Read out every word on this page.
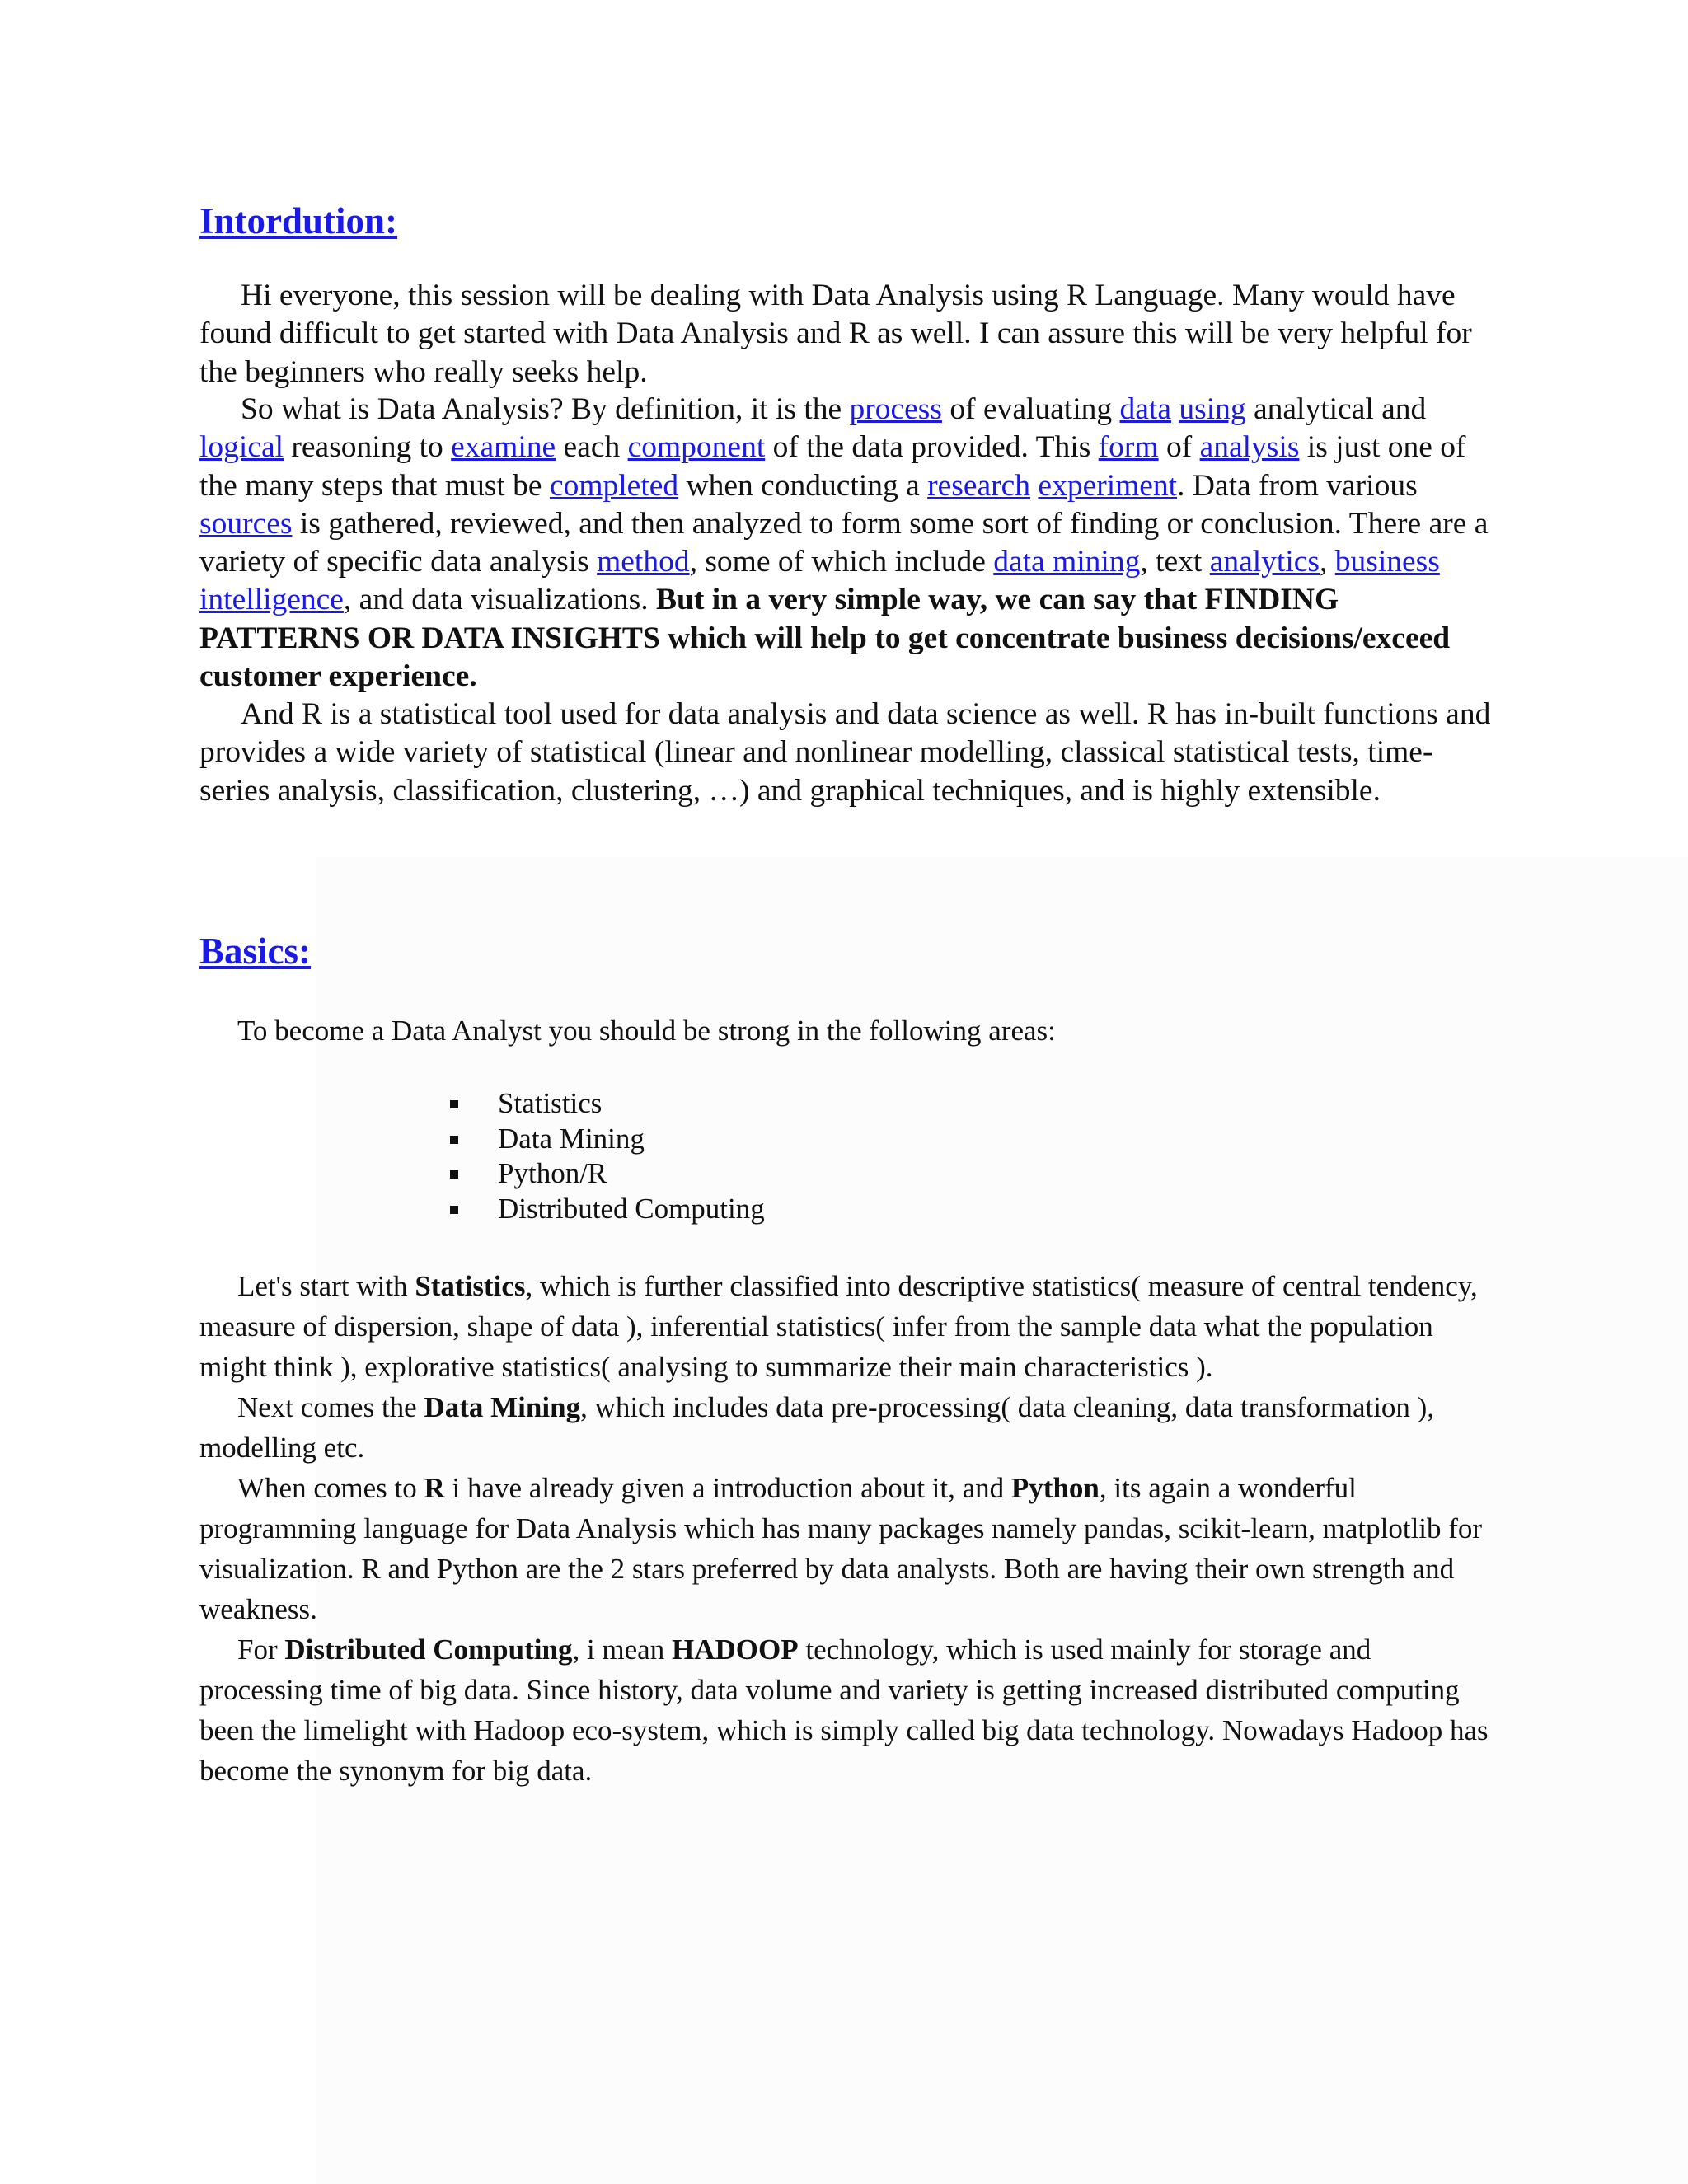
Intordution:

Hi everyone, this session will be dealing with Data Analysis using R Language. Many would have found difficult to get started with Data Analysis and R as well. I can assure this will be very helpful for the beginners who really seeks help.

So what is Data Analysis? By definition, it is the process of evaluating data using analytical and logical reasoning to examine each component of the data provided. This form of analysis is just one of the many steps that must be completed when conducting a research experiment. Data from various sources is gathered, reviewed, and then analyzed to form some sort of finding or conclusion. There are a variety of specific data analysis method, some of which include data mining, text analytics, business intelligence, and data visualizations. But in a very simple way, we can say that FINDING PATTERNS OR DATA INSIGHTS which will help to get concentrate business decisions/exceed customer experience.

And R is a statistical tool used for data analysis and data science as well. R has in-built functions and provides a wide variety of statistical (linear and nonlinear modelling, classical statistical tests, time-series analysis, classification, clustering, …) and graphical techniques, and is highly extensible.

Basics:

To become a Data Analyst you should be strong in the following areas:

Statistics
Data Mining
Python/R
Distributed Computing

Let's start with Statistics, which is further classified into descriptive statistics( measure of central tendency, measure of dispersion, shape of data ), inferential statistics( infer from the sample data what the population might think ), explorative statistics( analysing to summarize their main characteristics ).

Next comes the Data Mining, which includes data pre-processing( data cleaning, data transformation ), modelling etc.

When comes to R i have already given a introduction about it, and Python, its again a wonderful programming language for Data Analysis which has many packages namely pandas, scikit-learn, matplotlib for visualization. R and Python are the 2 stars preferred by data analysts. Both are having their own strength and weakness.

For Distributed Computing, i mean HADOOP technology, which is used mainly for storage and processing time of big data. Since history, data volume and variety is getting increased distributed computing been the limelight with Hadoop eco-system, which is simply called big data technology. Nowadays Hadoop has become the synonym for big data.
